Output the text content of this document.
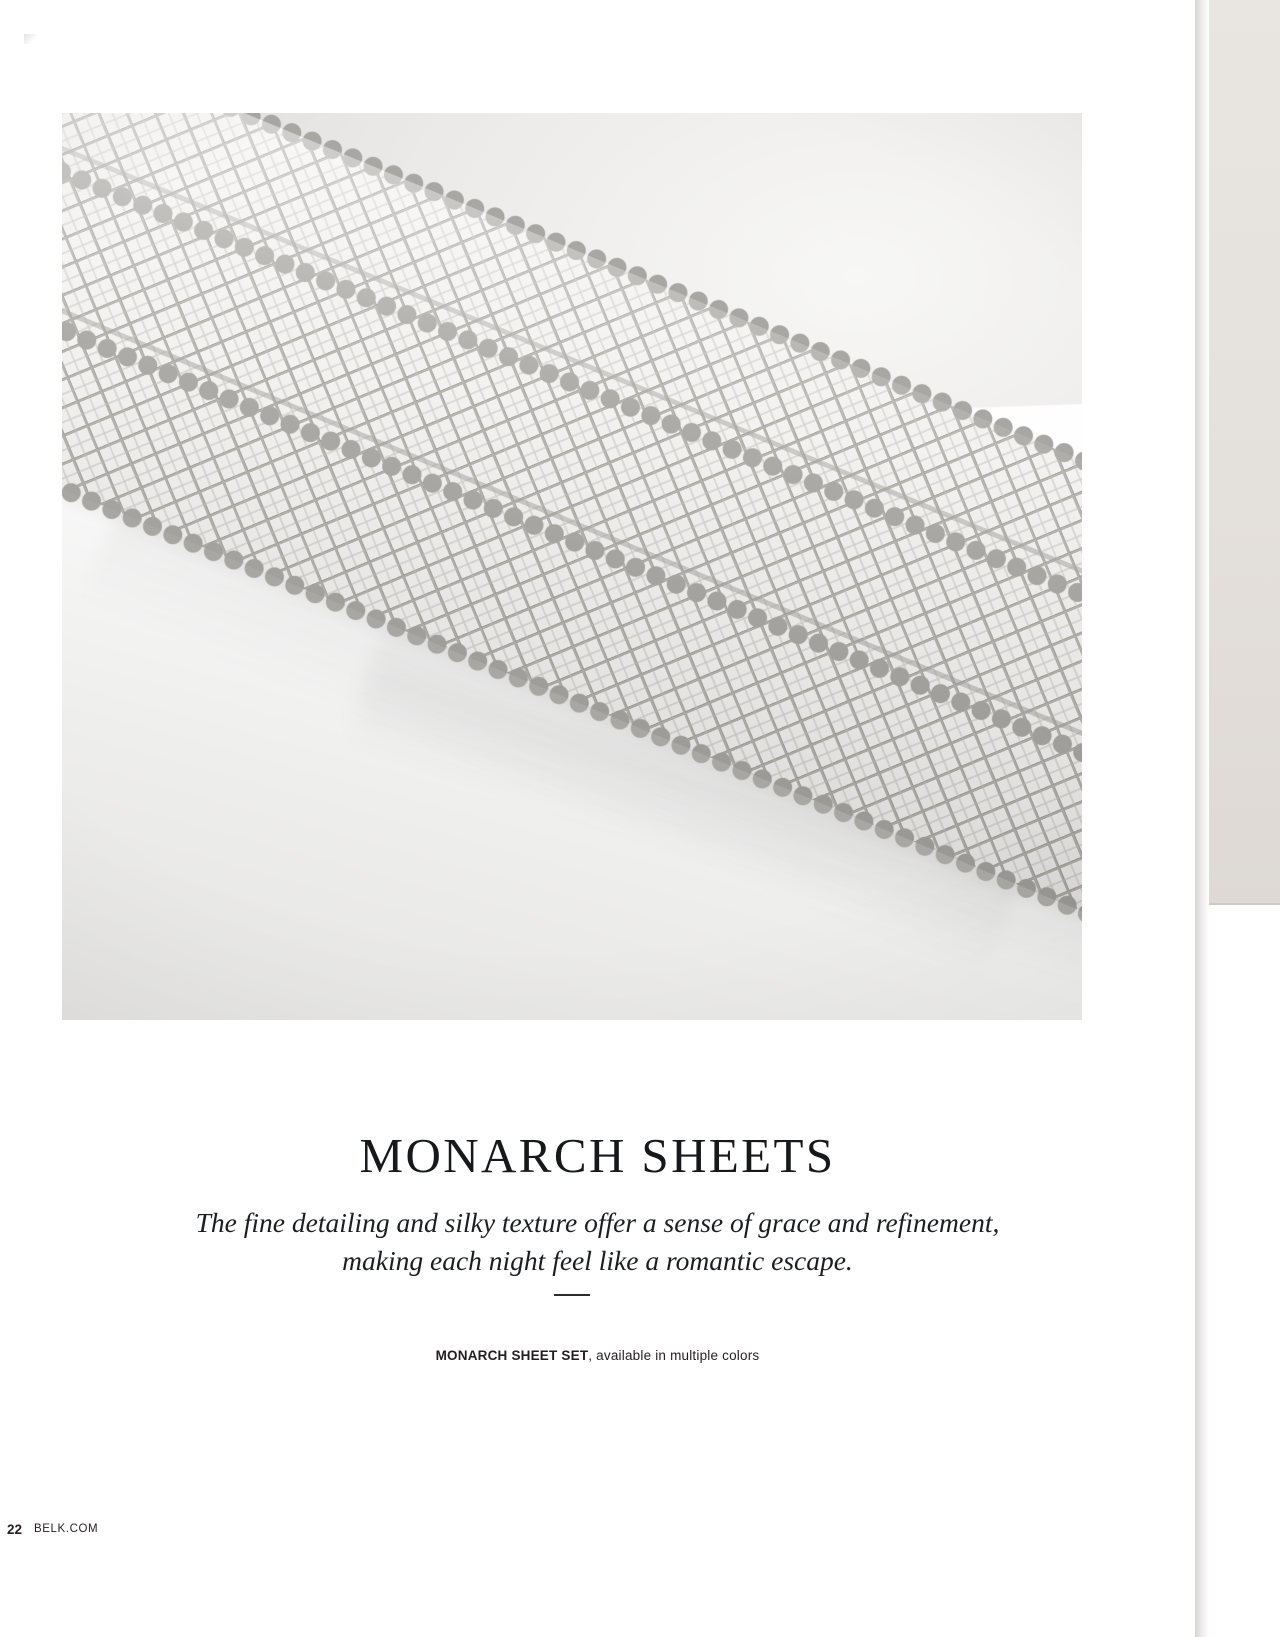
MONARCH SHEETS

The fine detailing and silky texture offer a sense of grace and refinement, making each night feel like a romantic escape.

MONARCH SHEET SET, available in multiple colors

22 BELK.COM
